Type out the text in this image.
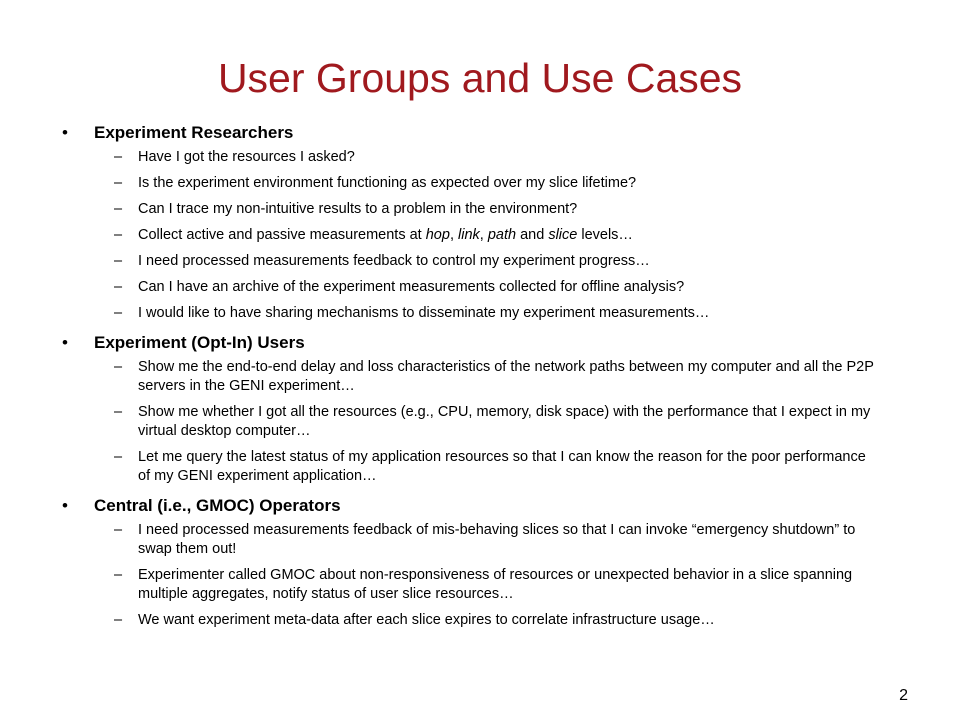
User Groups and Use Cases
•	Experiment Researchers
–	Have I got the resources I asked?
–	Is the experiment environment functioning as expected over my slice lifetime?
–	Can I trace my non-intuitive results to a problem in the environment?
–	Collect active and passive measurements at hop, link, path and slice levels…
–	I need processed measurements feedback to control my experiment progress…
–	Can I have an archive of the experiment measurements collected for offline analysis?
–	I would like to have sharing mechanisms to disseminate my experiment measurements…
•	Experiment (Opt-In) Users
–	Show me the end-to-end delay and loss characteristics of the network paths between my computer and all the P2P servers in the GENI experiment…
–	Show me whether I got all the resources (e.g., CPU, memory, disk space) with the performance that I expect in my virtual desktop computer…
–	Let me query the latest status of my application resources so that I can know the reason for the poor performance of my GENI experiment application…
•	Central (i.e., GMOC) Operators
–	I need processed measurements feedback of mis-behaving slices so that I can invoke “emergency shutdown” to swap them out!
–	Experimenter called GMOC about non-responsiveness of resources or unexpected behavior in a slice spanning multiple aggregates, notify status of user slice resources…
–	We want experiment meta-data after each slice expires to correlate infrastructure usage…
2
